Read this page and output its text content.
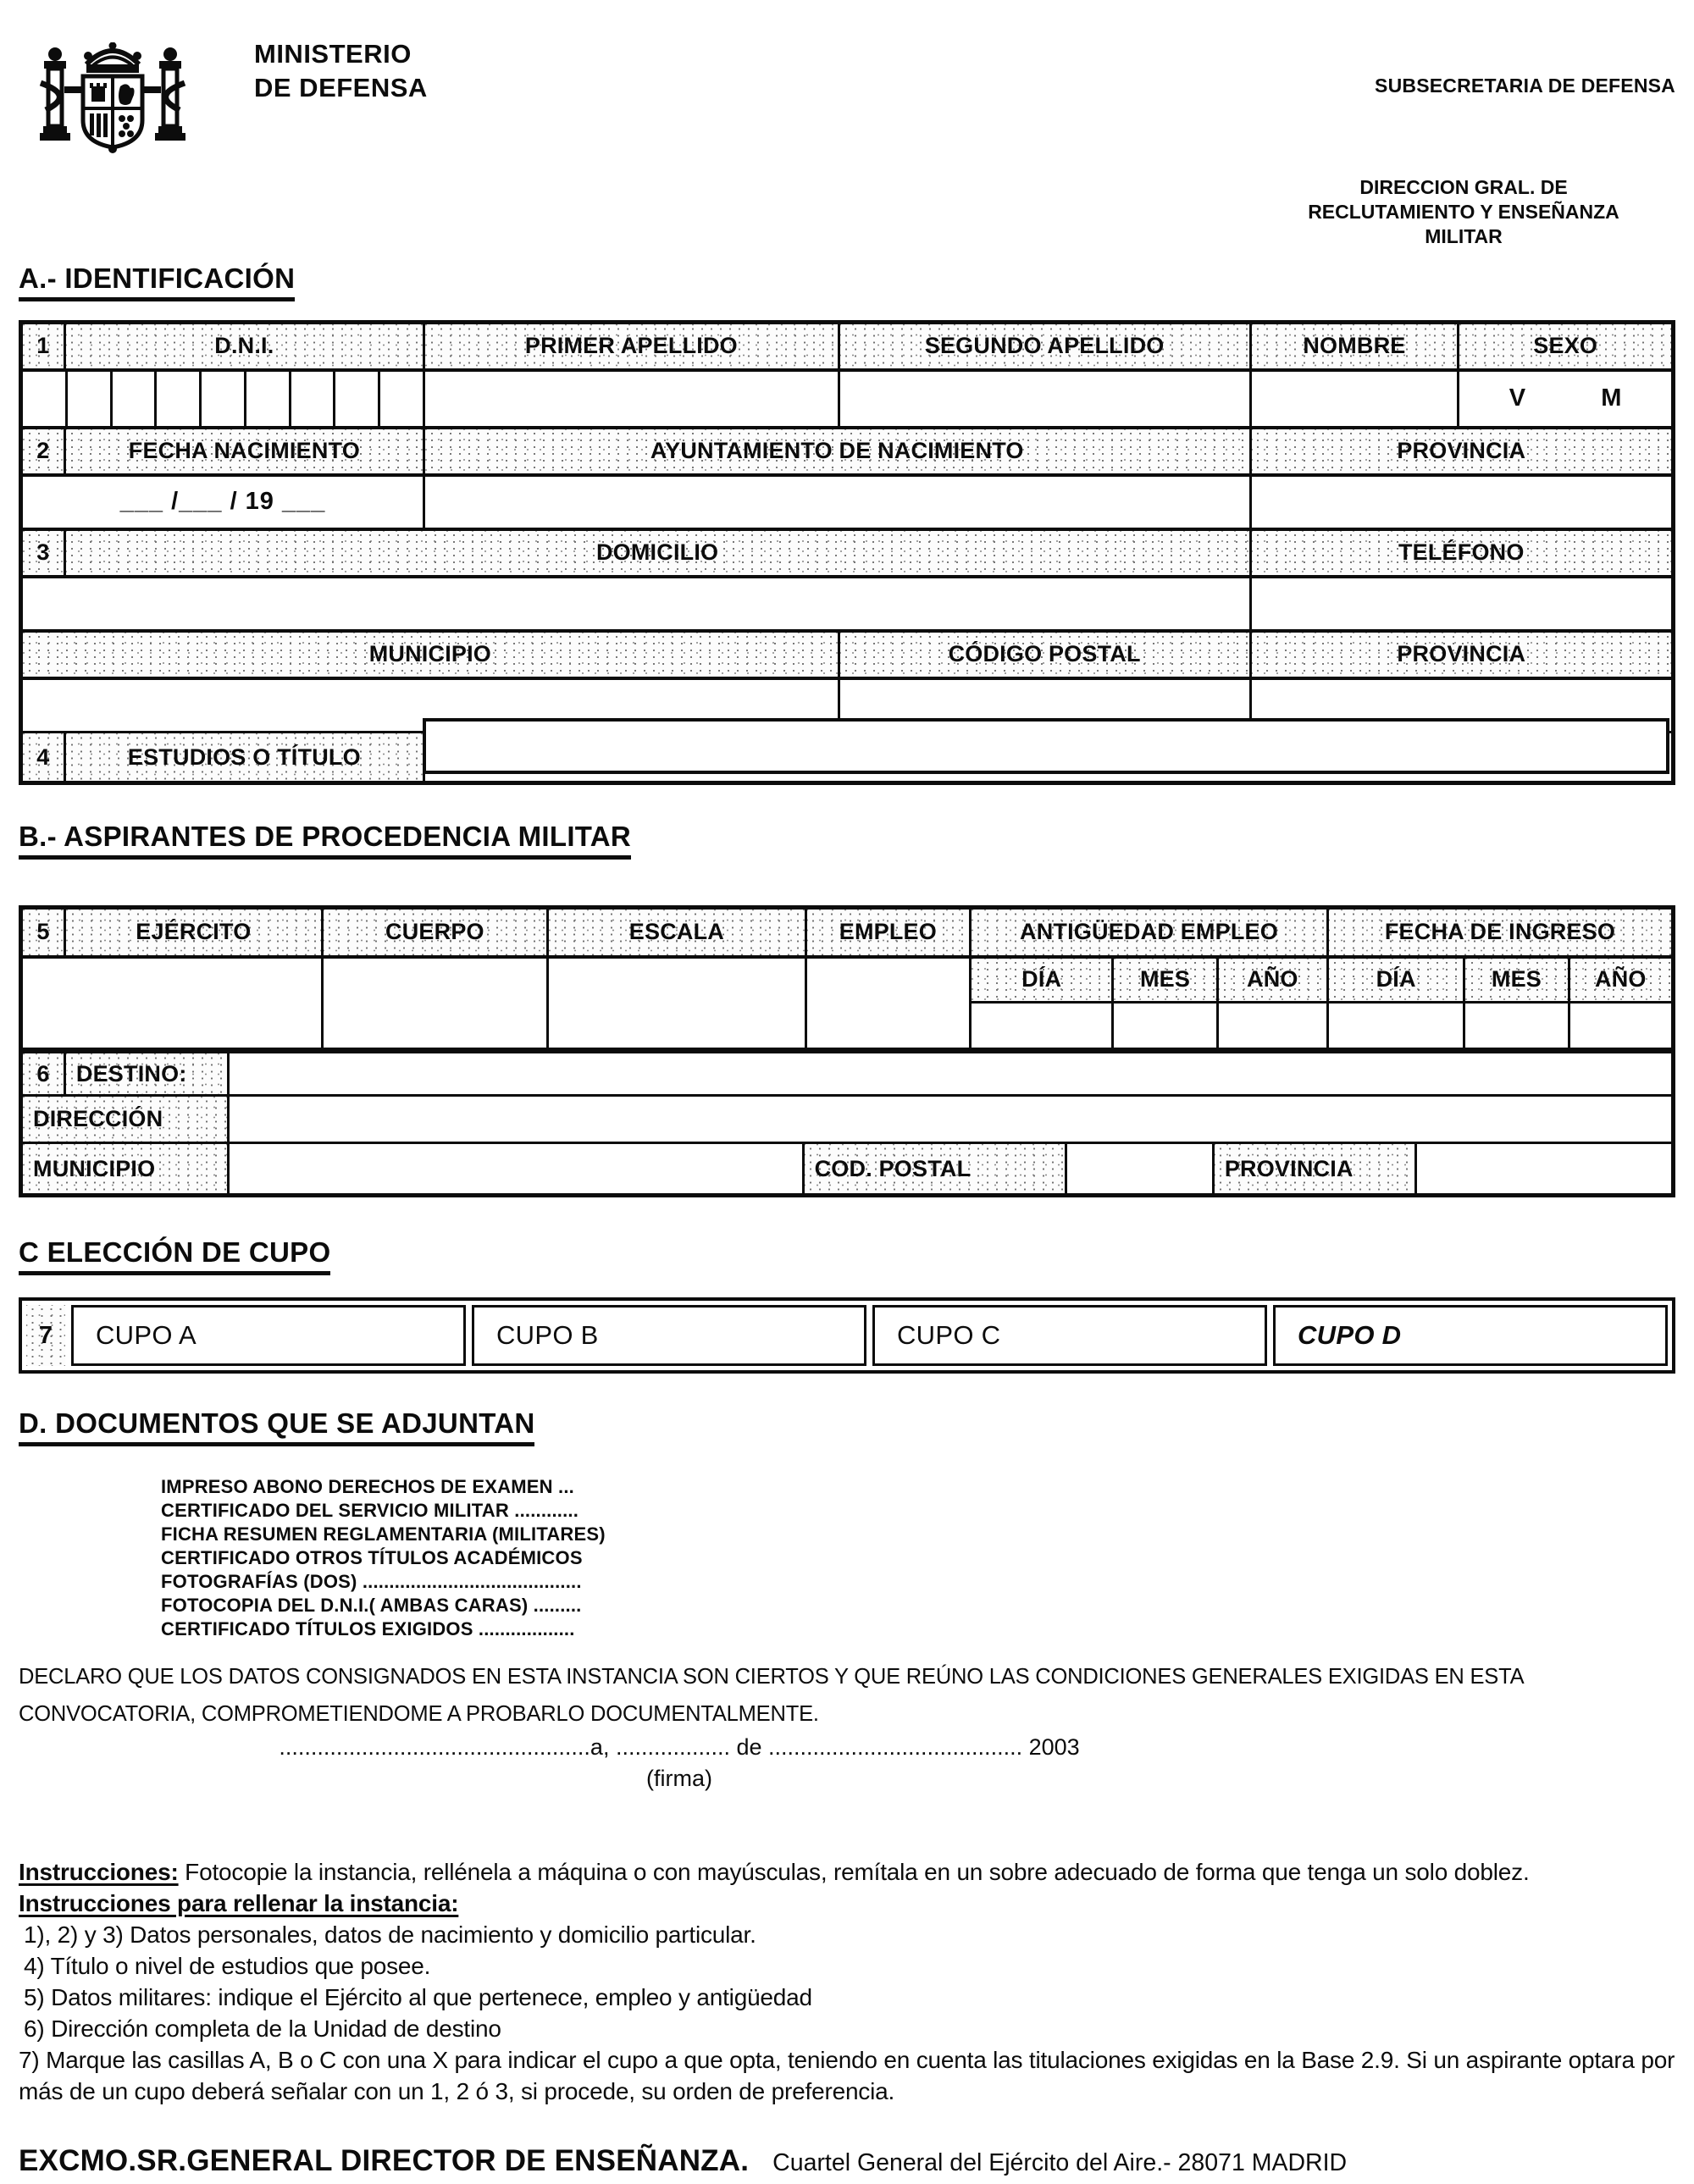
MINISTERIO
DE DEFENSA	SUBSECRETARIA DE DEFENSA
DIRECCION GRAL. DE
RECLUTAMIENTO Y ENSEÑANZA
MILITAR
A.- IDENTIFICACIÓN
1	D.N.I.	PRIMER APELLIDO	SEGUNDO APELLIDO	NOMBRE	SEXO

					V M

2	FECHA NACIMIENTO	AYUNTAMIENTO DE NACIMIENTO		PROVINCIA	
___ /___ / 19 ___					
3	DOMICILIO			TELÉFONO	

MUNICIPIO			CÓDIGO POSTAL	PROVINCIA	

4	ESTUDIOS O TÍTULO				
B.- ASPIRANTES DE PROCEDENCIA MILITAR
5	EJÉRCITO	CUERPO	ESCALA	EMPLEO	ANTIGÜEDAD EMPLEO			FECHA DE INGRESO		
					DÍA	MES	AÑO	DÍA	MES	AÑO

6	DESTINO:					
DIRECCIÓN						
MUNICIPIO			COD. POSTAL		PROVINCIA	
C ELECCIÓN DE CUPO
7	CUPO A	CUPO B	CUPO C	CUPO D
D. DOCUMENTOS QUE SE ADJUNTAN
IMPRESO ABONO DERECHOS DE EXAMEN ...
CERTIFICADO DEL SERVICIO MILITAR ............
FICHA RESUMEN REGLAMENTARIA (MILITARES)
CERTIFICADO OTROS TÍTULOS ACADÉMICOS
FOTOGRAFÍAS (DOS) .........................................
FOTOCOPIA DEL D.N.I.( AMBAS CARAS) .........
CERTIFICADO TÍTULOS EXIGIDOS ..................
DECLARO QUE LOS DATOS CONSIGNADOS EN ESTA INSTANCIA SON CIERTOS Y QUE REÚNO LAS CONDICIONES GENERALES EXIGIDAS EN ESTA CONVOCATORIA, COMPROMETIENDOME A PROBARLO DOCUMENTALMENTE.
.................................................a, .................. de ........................................ 2003
(firma)

Instrucciones: Fotocopie la instancia, rellénela a máquina o con mayúsculas, remítala en un sobre adecuado de forma que tenga un solo doblez.

Instrucciones para rellenar la instancia:

1), 2) y 3) Datos personales, datos de nacimiento y domicilio particular.

4) Título o nivel de estudios que posee.

5) Datos militares: indique el Ejército al que pertenece, empleo y antigüedad

6) Dirección completa de la Unidad de destino

7) Marque las casillas A, B o C con una X para indicar el cupo a que opta, teniendo en cuenta las titulaciones exigidas en la Base 2.9. Si un aspirante optara por más de un cupo deberá señalar con un 1, 2 ó 3, si procede, su orden de preferencia.

EXCMO.SR.GENERAL DIRECTOR DE ENSEÑANZA. Cuartel General del Ejército del Aire.- 28071 MADRID
